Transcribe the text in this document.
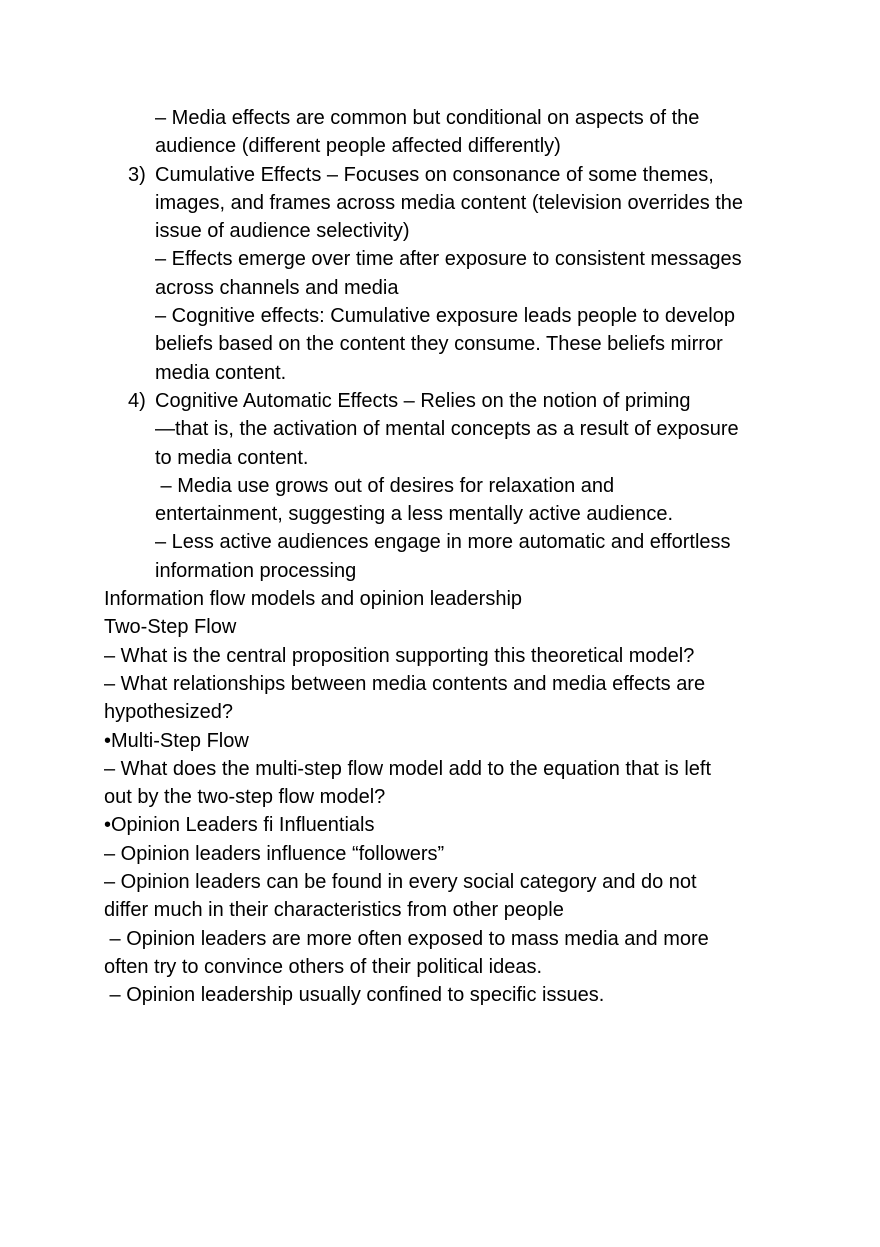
– Media effects are common but conditional on aspects of the
audience (different people affected differently)
3) Cumulative Effects – Focuses on consonance of some themes,
images, and frames across media content (television overrides the
issue of audience selectivity)
– Effects emerge over time after exposure to consistent messages
across channels and media
– Cognitive effects: Cumulative exposure leads people to develop
beliefs based on the content they consume. These beliefs mirror
media content.
4) Cognitive Automatic Effects – Relies on the notion of priming
—that is, the activation of mental concepts as a result of exposure
to media content.
– Media use grows out of desires for relaxation and
entertainment, suggesting a less mentally active audience.
– Less active audiences engage in more automatic and effortless
information processing
Information flow models and opinion leadership
Two-Step Flow
– What is the central proposition supporting this theoretical model?
– What relationships between media contents and media effects are
hypothesized?
•Multi-Step Flow
– What does the multi-step flow model add to the equation that is left
out by the two-step flow model?
•Opinion Leaders ﬁ Influentials
– Opinion leaders influence “followers”
– Opinion leaders can be found in every social category and do not
differ much in their characteristics from other people
– Opinion leaders are more often exposed to mass media and more
often try to convince others of their political ideas.
– Opinion leadership usually confined to specific issues.
